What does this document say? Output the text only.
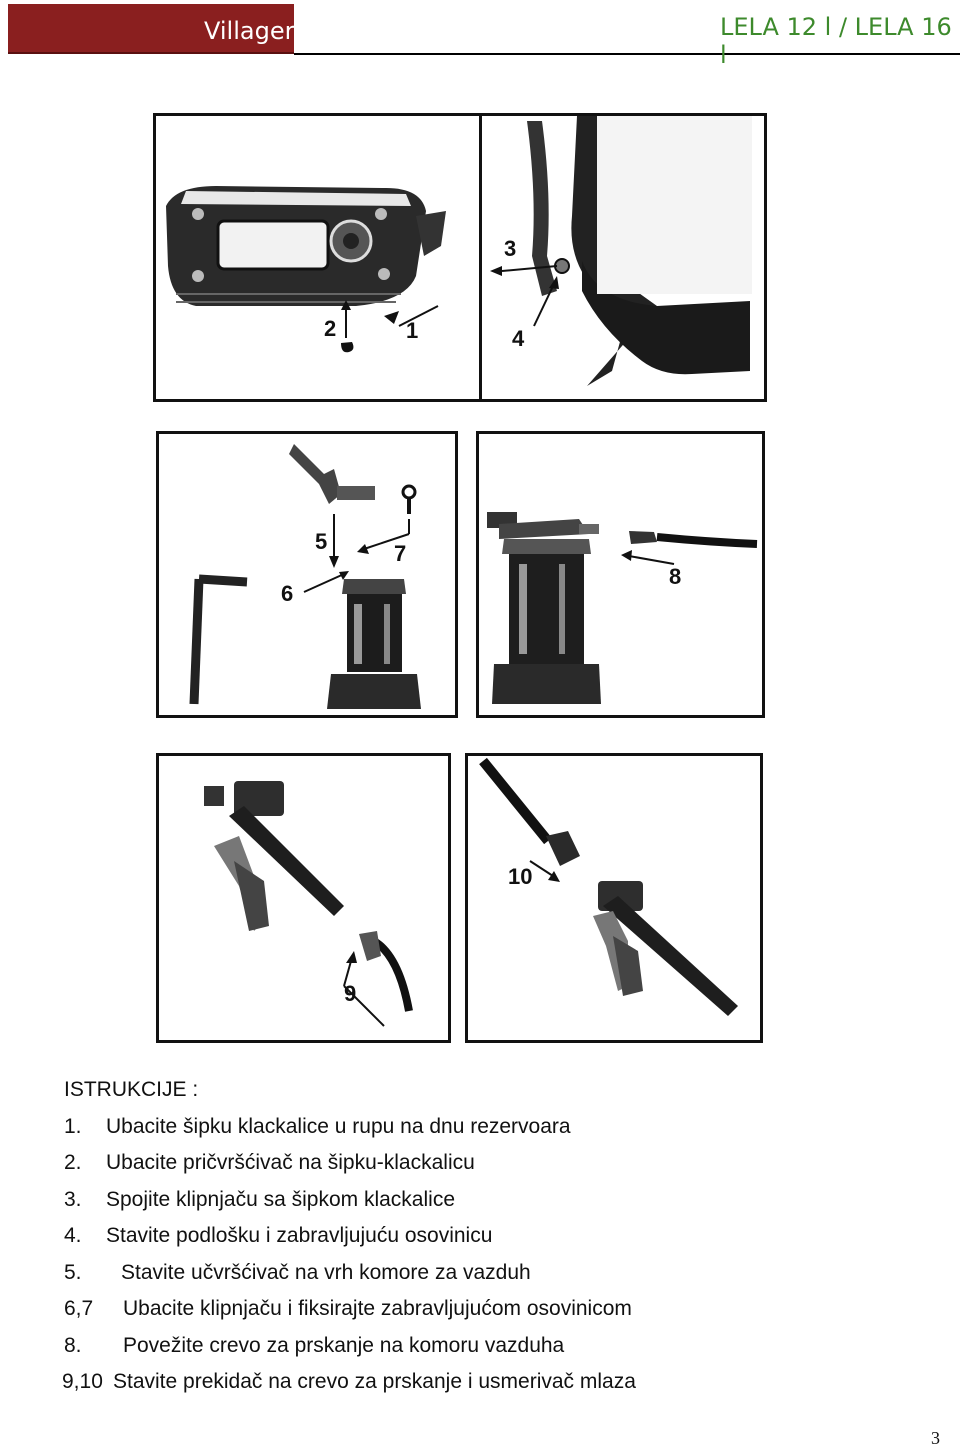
Villager	LELA 12 l / LELA 16 l
2	1
3
4
5	7
6
8
9
10
ISTRUKCIJE :
1. Ubacite šipku klackalice u rupu na dnu rezervoara
2. Ubacite pričvršćivač na šipku-klackalicu
3. Spojite klipnjaču sa šipkom klackalice
4. Stavite podlošku i zabravljujuću osovinicu
5. Stavite učvršćivač na vrh komore za vazduh
6,7 Ubacite klipnjaču i fiksirajte zabravljujućom osovinicom
8. Povežite crevo za prskanje na komoru vazduha
9,10 Stavite prekidač na crevo za prskanje i usmerivač mlaza
3
